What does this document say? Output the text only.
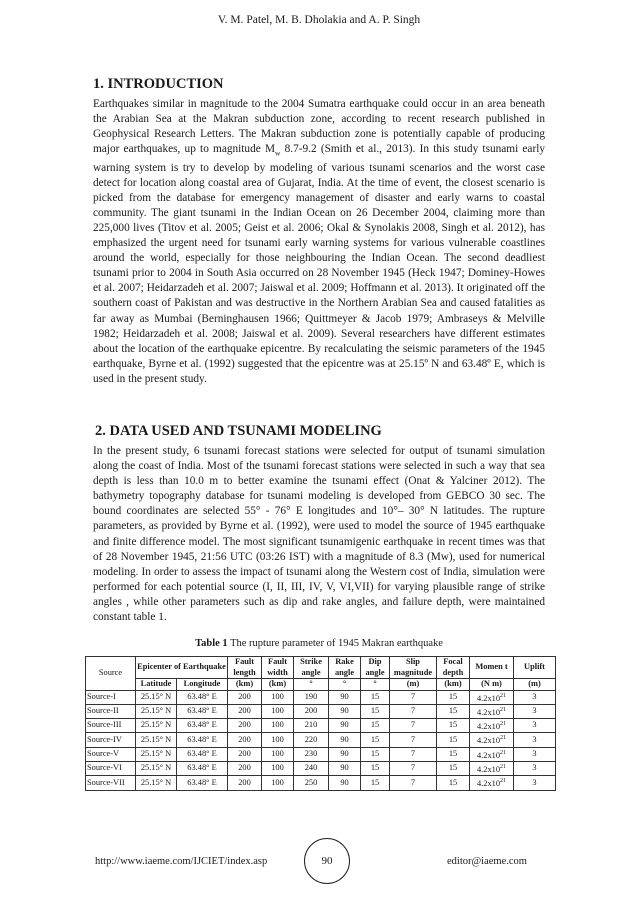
V. M. Patel, M. B. Dholakia and A. P. Singh
1. INTRODUCTION

Earthquakes similar in magnitude to the 2004 Sumatra earthquake could occur in an area beneath the Arabian Sea at the Makran subduction zone, according to recent research published in Geophysical Research Letters. The Makran subduction zone is potentially capable of producing major earthquakes, up to magnitude $M_w$ 8.7-9.2 (Smith et al., 2013). In this study tsunami early warning system is try to develop by modeling of various tsunami scenarios and the worst case detect for location along coastal area of Gujarat, India. At the time of event, the closest scenario is picked from the database for emergency management of disaster and early warns to coastal community. The giant tsunami in the Indian Ocean on 26 December 2004, claiming more than 225,000 lives (Titov et al. 2005; Geist et al. 2006; Okal & Synolakis 2008, Singh et al. 2012), has emphasized the urgent need for tsunami early warning systems for various vulnerable coastlines around the world, especially for those neighbouring the Indian Ocean. The second deadliest tsunami prior to 2004 in South Asia occurred on 28 November 1945 (Heck 1947; Dominey-Howes et al. 2007; Heidarzadeh et al. 2007; Jaiswal et al. 2009; Hoffmann et al. 2013). It originated off the southern coast of Pakistan and was destructive in the Northern Arabian Sea and caused fatalities as far away as Mumbai (Berninghausen 1966; Quittmeyer & Jacob 1979; Ambraseys & Melville 1982; Heidarzadeh et al. 2008; Jaiswal et al. 2009). Several researchers have different estimates about the location of the earthquake epicentre. By recalculating the seismic parameters of the 1945 earthquake, Byrne et al. (1992) suggested that the epicentre was at 25.15º N and 63.48º E, which is used in the present study.

2. DATA USED AND TSUNAMI MODELING

In the present study, 6 tsunami forecast stations were selected for output of tsunami simulation along the coast of India. Most of the tsunami forecast stations were selected in such a way that sea depth is less than 10.0 m to better examine the tsunami effect (Onat & Yalciner 2012). The bathymetry topography database for tsunami modeling is developed from GEBCO 30 sec. The bound coordinates are selected 55° - 76° E longitudes and 10°– 30° N latitudes. The rupture parameters, as provided by Byrne et al. (1992), were used to model the source of 1945 earthquake and finite difference model. The most significant tsunamigenic earthquake in recent times was that of 28 November 1945, 21:56 UTC (03:26 IST) with a magnitude of 8.3 (Mw), used for numerical modeling. In order to assess the impact of tsunami along the Western cost of India, simulation were performed for each potential source (I, II, III, IV, V, VI,VII) for varying plausible range of strike angles , while other parameters such as dip and rake angles, and failure depth, were maintained constant table 1.

Table 1 The rupture parameter of 1945 Makran earthquake
Source	Epicenter of Earthquake		Fault length	Fault width	Strike angle	Rake angle	Dip angle	Slip magnitude	Focal depth	Momen t	Uplift
	Latitude	Longitude	(km)	(km)	°	°	°	(m)	(km)	(N m)	(m)
Source-I	25.15° N	63.48° E	200	100	190	90	15	7	15	$4.2x10^{21}$	3
Source-II	25.15° N	63.48° E	200	100	200	90	15	7	15	$4.2x10^{21}$	3
Source-III	25.15° N	63.48° E	200	100	210	90	15	7	15	$4.2x10^{21}$	3
Source-IV	25.15° N	63.48° E	200	100	220	90	15	7	15	$4.2x10^{21}$	3
Source-V	25.15° N	63.48° E	200	100	230	90	15	7	15	$4.2x10^{21}$	3
Source-VI	25.15° N	63.48° E	200	100	240	90	15	7	15	$4.2x10^{21}$	3
Source-VII	25.15° N	63.48° E	200	100	250	90	15	7	15	$4.2x10^{21}$	3
http://www.iaeme.com/IJCIET/index.asp	90	editor@iaeme.com
